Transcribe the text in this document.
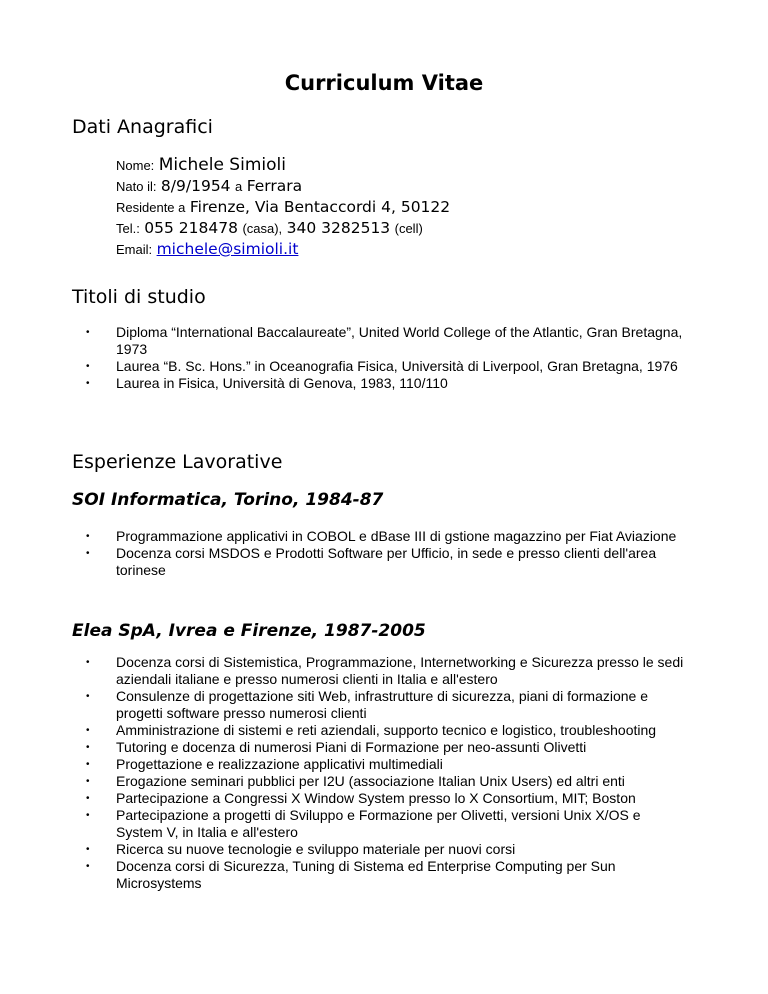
Curriculum Vitae
Dati Anagrafici
Nome: Michele Simioli
Nato il: 8/9/1954 a Ferrara
Residente a Firenze, Via Bentaccordi 4, 50122
Tel.: 055 218478 (casa), 340 3282513 (cell)
Email: michele@simioli.it
Titoli di studio
• Diploma “International Baccalaureate”, United World College of the Atlantic, Gran Bretagna, 1973
• Laurea “B. Sc. Hons.” in Oceanografia Fisica, Università di Liverpool, Gran Bretagna, 1976
• Laurea in Fisica, Università di Genova, 1983, 110/110
Esperienze Lavorative
SOI Informatica, Torino, 1984-87
• Programmazione applicativi in COBOL e dBase III di gstione magazzino per Fiat Aviazione
• Docenza corsi MSDOS e Prodotti Software per Ufficio, in sede e presso clienti dell'area torinese
Elea SpA, Ivrea e Firenze, 1987-2005
• Docenza corsi di Sistemistica, Programmazione, Internetworking e Sicurezza presso le sedi aziendali italiane e presso numerosi clienti in Italia e all'estero
• Consulenze di progettazione siti Web, infrastrutture di sicurezza, piani di formazione e progetti software presso numerosi clienti
• Amministrazione di sistemi e reti aziendali, supporto tecnico e logistico, troubleshooting
• Tutoring e docenza di numerosi Piani di Formazione per neo-assunti Olivetti
• Progettazione e realizzazione applicativi multimediali
• Erogazione seminari pubblici per I2U (associazione Italian Unix Users) ed altri enti
• Partecipazione a Congressi X Window System presso lo X Consortium, MIT; Boston
• Partecipazione a progetti di Sviluppo e Formazione per Olivetti, versioni Unix X/OS e System V, in Italia e all'estero
• Ricerca su nuove tecnologie e sviluppo materiale per nuovi corsi
• Docenza corsi di Sicurezza, Tuning di Sistema ed Enterprise Computing per Sun Microsystems
